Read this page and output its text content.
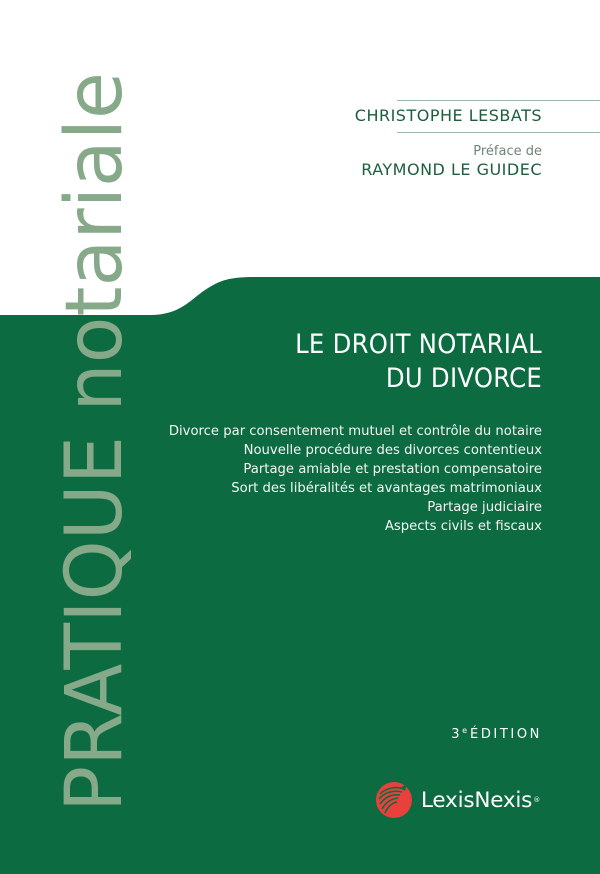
CHRISTOPHE LESBATS
Préface de
RAYMOND LE GUIDEC
PRATIQUE notariale	LE DROIT NOTARIAL
DU DIVORCE
Divorce par consentement mutuel et contrôle du notaire
Nouvelle procédure des divorces contentieux
Partage amiable et prestation compensatoire
Sort des libéralités et avantages matrimoniaux
Partage judiciaire
Aspects civils et fiscaux
3e ÉDITION
LexisNexis ®
